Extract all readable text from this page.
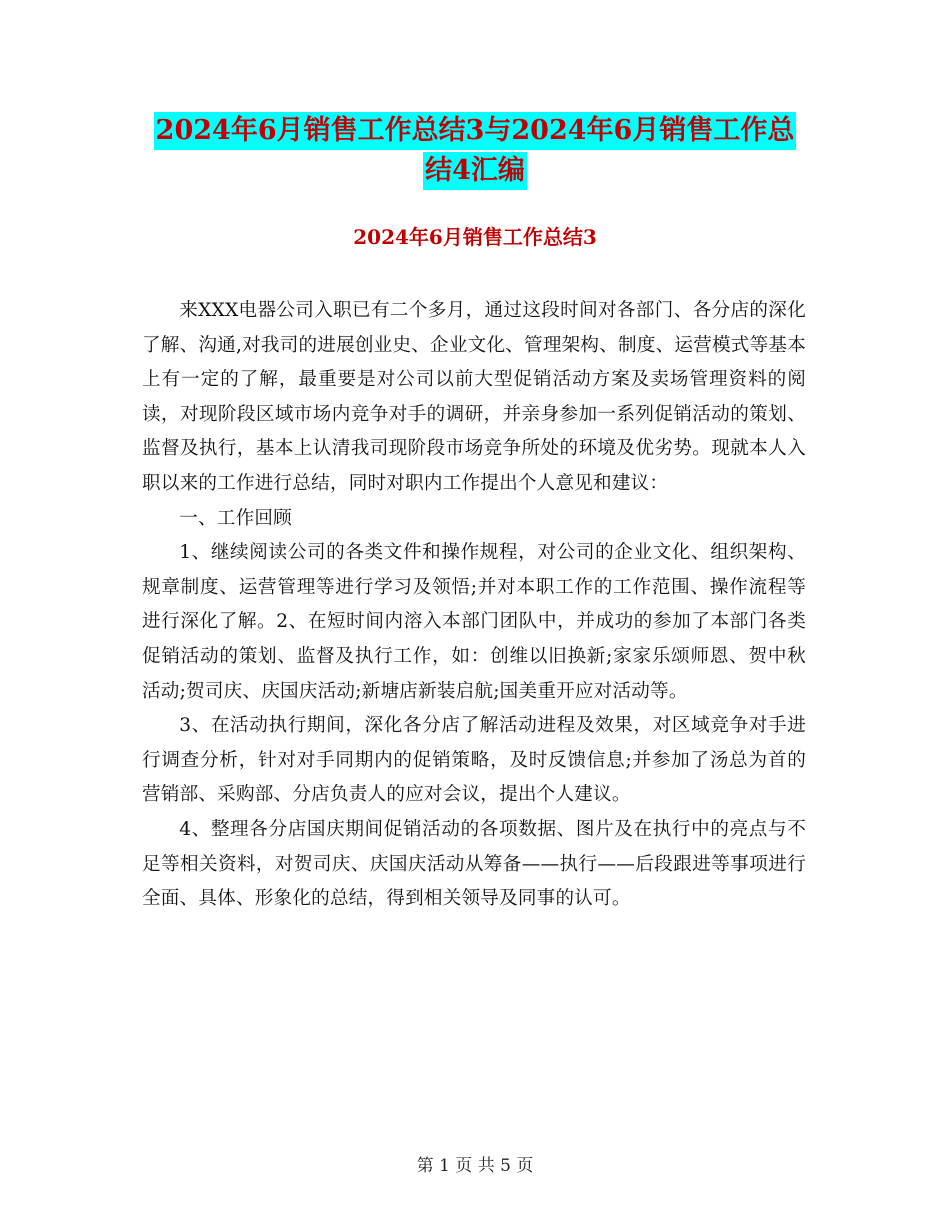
2024年6月销售工作总结3与2024年6月销售工作总
结4汇编
2024年6月销售工作总结3

来XXX电器公司入职已有二个多月，通过这段时间对各部门、各分店的深化了解、沟通,对我司的进展创业史、企业文化、管理架构、制度、运营模式等基本上有一定的了解，最重要是对公司以前大型促销活动方案及卖场管理资料的阅读，对现阶段区域市场内竞争对手的调研，并亲身参加一系列促销活动的策划、监督及执行，基本上认清我司现阶段市场竞争所处的环境及优劣势。现就本人入职以来的工作进行总结，同时对职内工作提出个人意见和建议：

一、工作回顾

1、继续阅读公司的各类文件和操作规程，对公司的企业文化、组织架构、规章制度、运营管理等进行学习及领悟;并对本职工作的工作范围、操作流程等进行深化了解。2、在短时间内溶入本部门团队中，并成功的参加了本部门各类促销活动的策划、监督及执行工作，如：创维以旧换新;家家乐颂师恩、贺中秋活动;贺司庆、庆国庆活动;新塘店新装启航;国美重开应对活动等。

3、在活动执行期间，深化各分店了解活动进程及效果，对区域竞争对手进行调查分析，针对对手同期内的促销策略，及时反馈信息;并参加了汤总为首的营销部、采购部、分店负责人的应对会议，提出个人建议。

4、整理各分店国庆期间促销活动的各项数据、图片及在执行中的亮点与不足等相关资料，对贺司庆、庆国庆活动从筹备——执行——后段跟进等事项进行全面、具体、形象化的总结，得到相关领导及同事的认可。

第 1 页 共 5 页
